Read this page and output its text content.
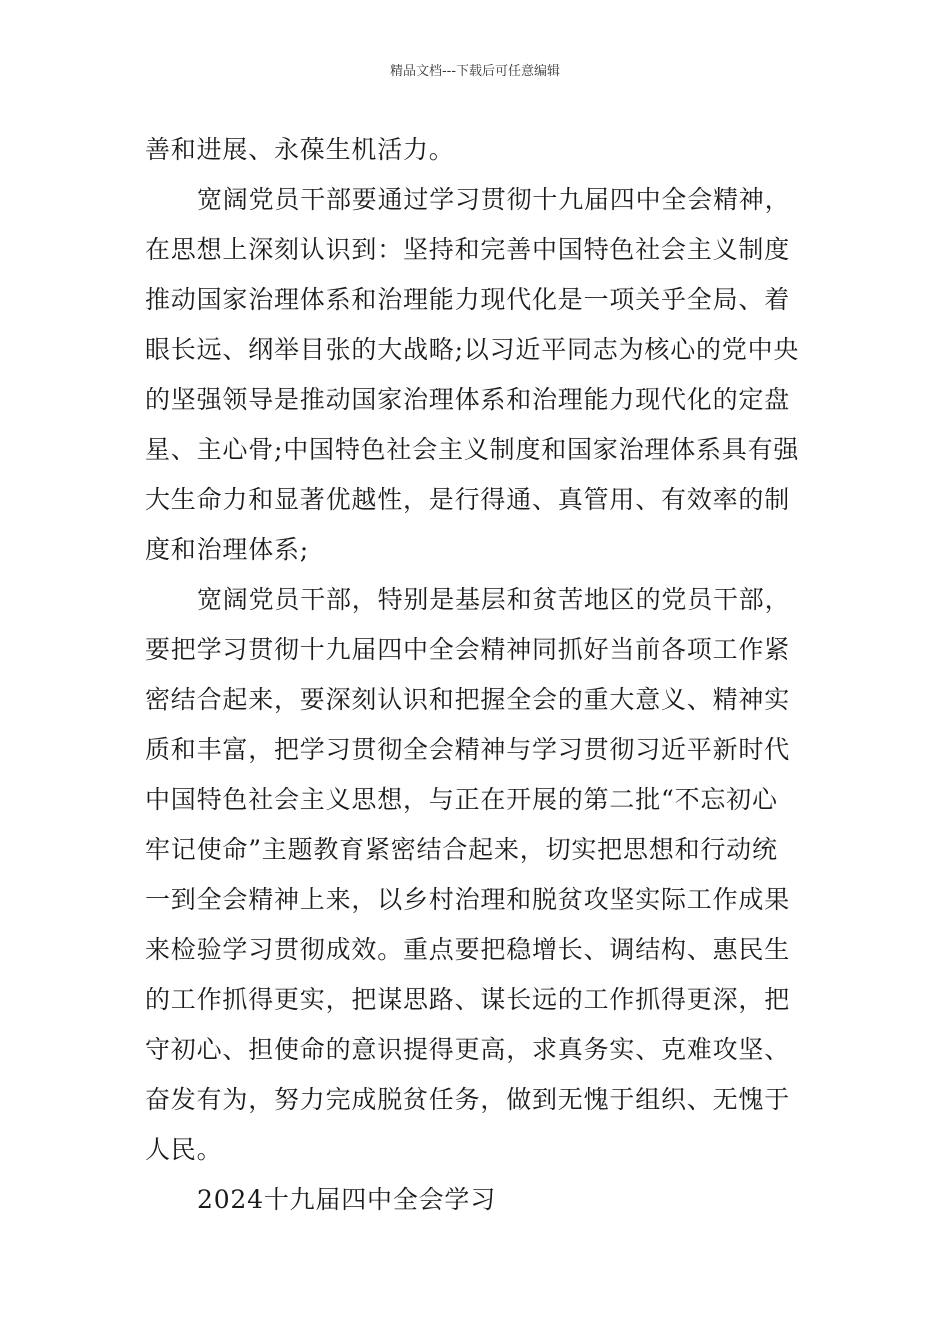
精品文档---下载后可任意编辑
善和进展、永葆生机活力。
宽阔党员干部要通过学习贯彻十九届四中全会精神，
在思想上深刻认识到：坚持和完善中国特色社会主义制度
推动国家治理体系和治理能力现代化是一项关乎全局、着
眼长远、纲举目张的大战略;以习近平同志为核心的党中央
的坚强领导是推动国家治理体系和治理能力现代化的定盘
星、主心骨;中国特色社会主义制度和国家治理体系具有强
大生命力和显著优越性，是行得通、真管用、有效率的制
度和治理体系;
宽阔党员干部，特别是基层和贫苦地区的党员干部，
要把学习贯彻十九届四中全会精神同抓好当前各项工作紧
密结合起来，要深刻认识和把握全会的重大意义、精神实
质和丰富，把学习贯彻全会精神与学习贯彻习近平新时代
中国特色社会主义思想，与正在开展的第二批“不忘初心
牢记使命”主题教育紧密结合起来，切实把思想和行动统
一到全会精神上来，以乡村治理和脱贫攻坚实际工作成果
来检验学习贯彻成效。重点要把稳增长、调结构、惠民生
的工作抓得更实，把谋思路、谋长远的工作抓得更深，把
守初心、担使命的意识提得更高，求真务实、克难攻坚、
奋发有为，努力完成脱贫任务，做到无愧于组织、无愧于
人民。
2024十九届四中全会学习
